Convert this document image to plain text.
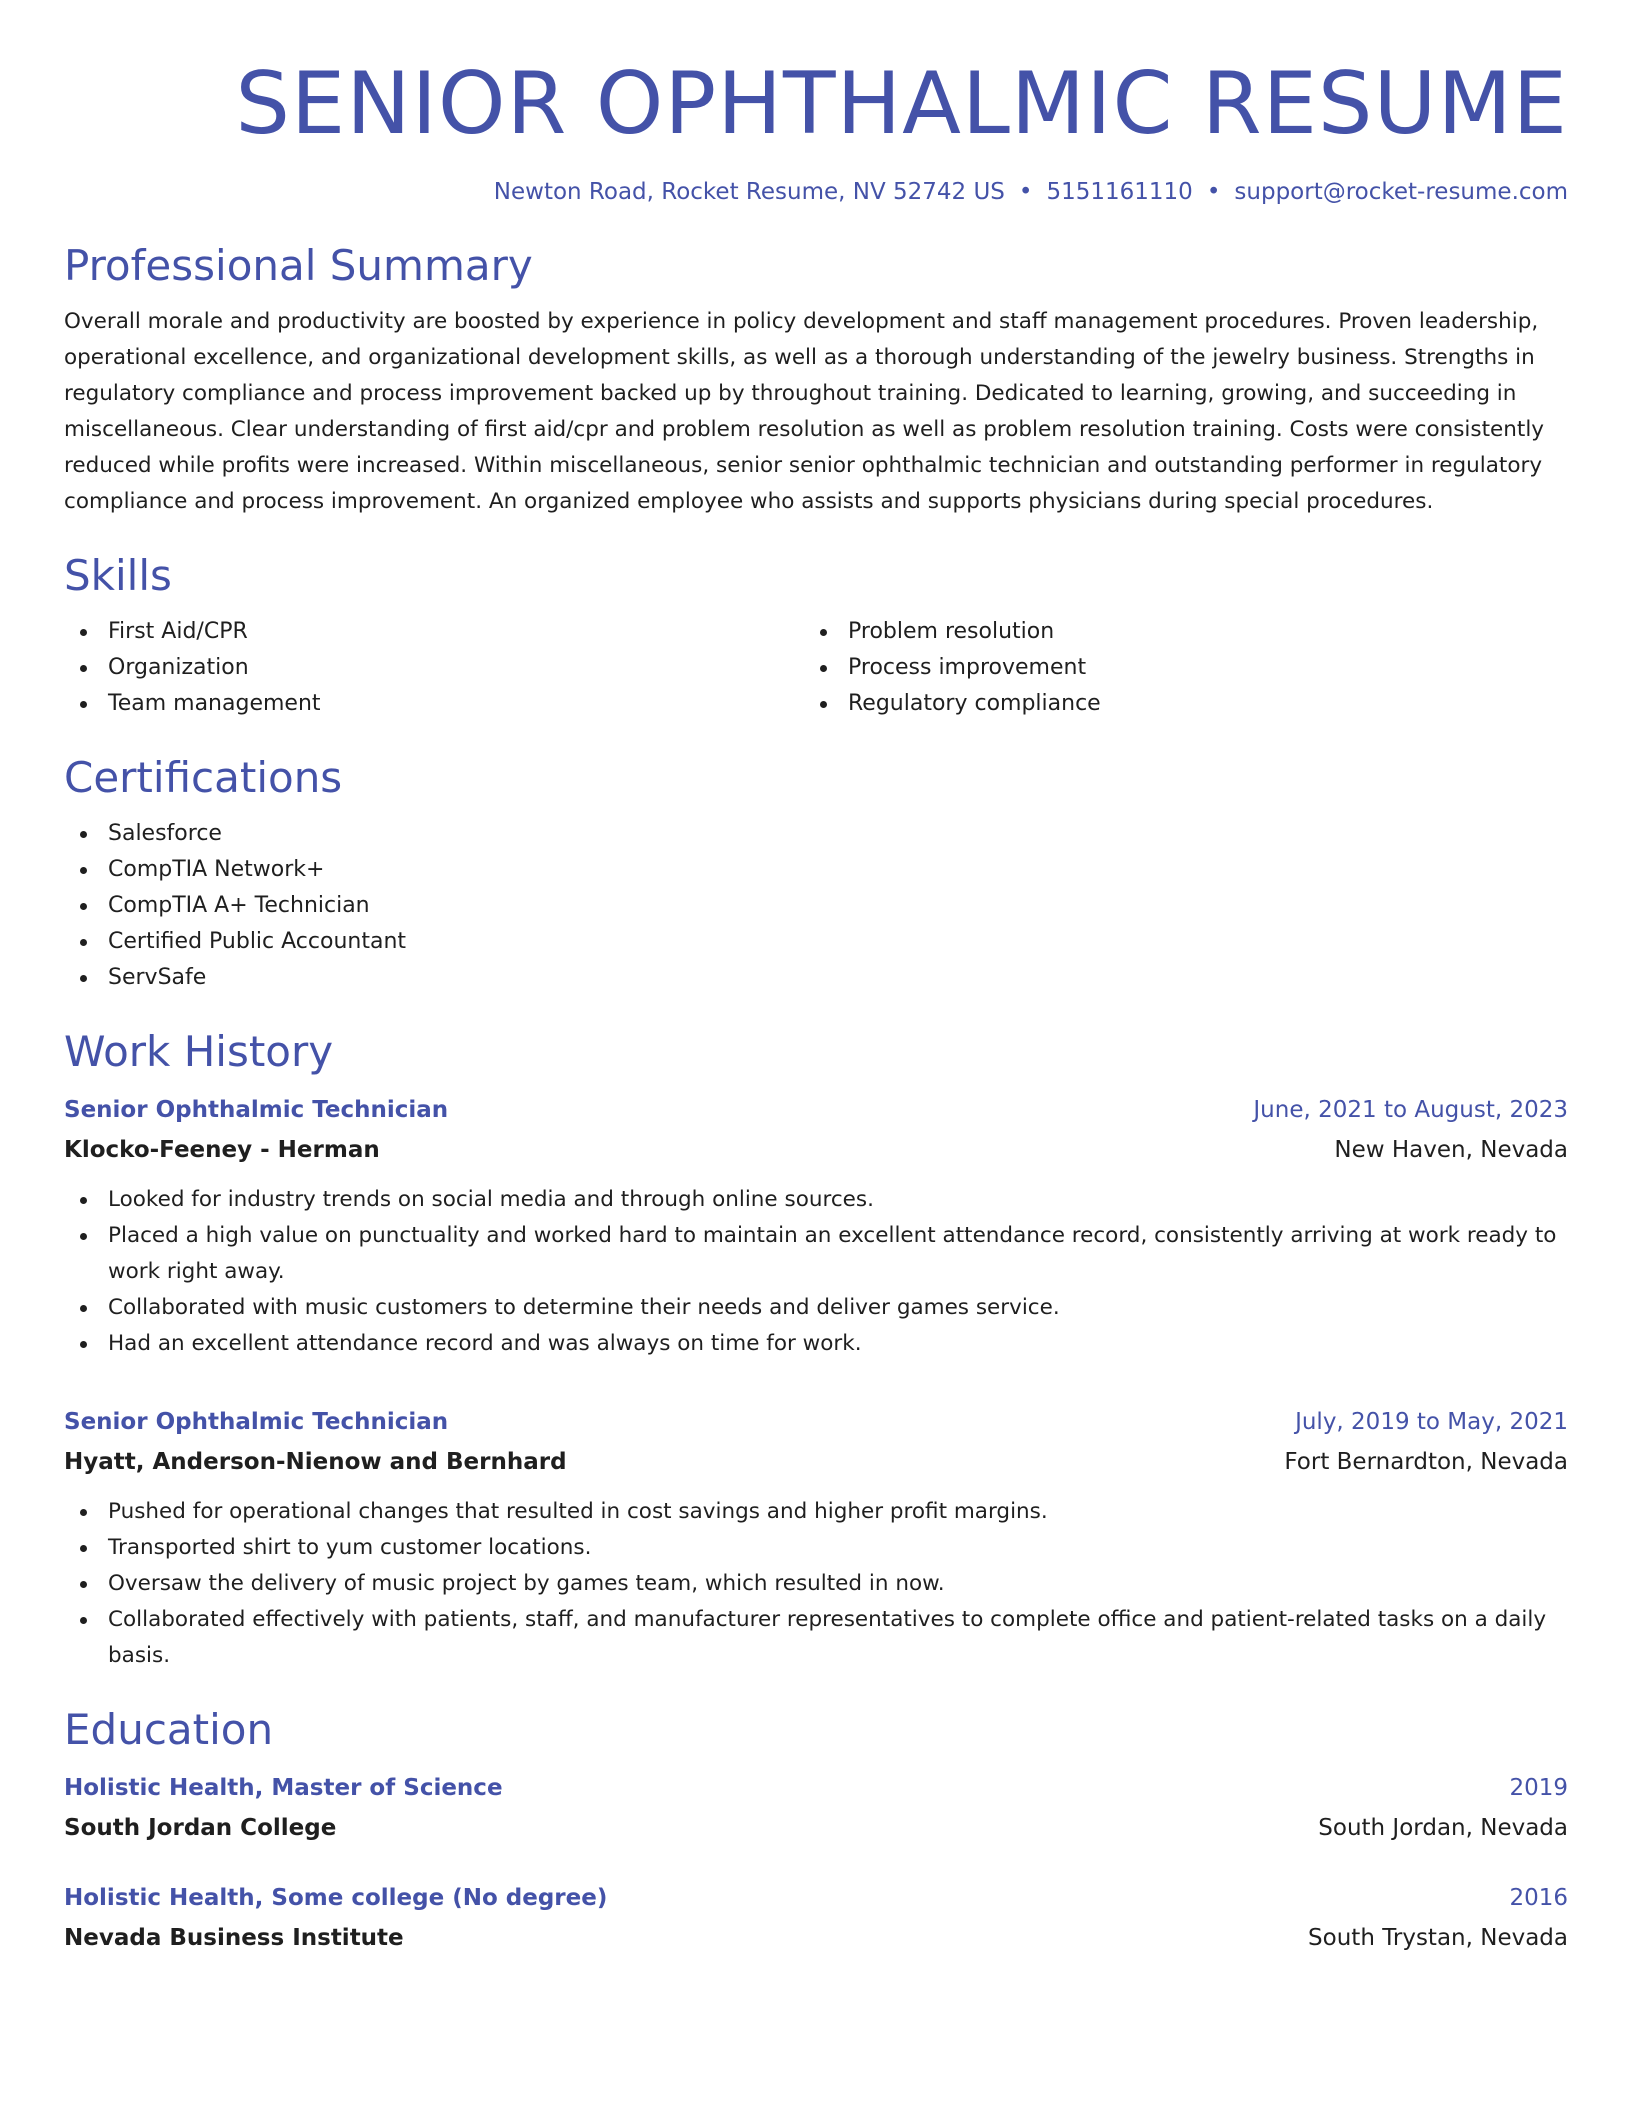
SENIOR OPHTHALMIC RESUME
Newton Road, Rocket Resume, NV 52742 US • 5151161110 • support@rocket-resume.com
Professional Summary
Overall morale and productivity are boosted by experience in policy development and staff management procedures. Proven leadership, operational excellence, and organizational development skills, as well as a thorough understanding of the jewelry business. Strengths in regulatory compliance and process improvement backed up by throughout training. Dedicated to learning, growing, and succeeding in miscellaneous. Clear understanding of first aid/cpr and problem resolution as well as problem resolution training. Costs were consistently reduced while profits were increased. Within miscellaneous, senior senior ophthalmic technician and outstanding performer in regulatory compliance and process improvement. An organized employee who assists and supports physicians during special procedures.
Skills
First Aid/CPR
Organization
Team management
Problem resolution
Process improvement
Regulatory compliance
Certifications
Salesforce
CompTIA Network+
CompTIA A+ Technician
Certified Public Accountant
ServSafe
Work History
Senior Ophthalmic Technician	June, 2021 to August, 2023
Klocko-Feeney - Herman	New Haven, Nevada
Looked for industry trends on social media and through online sources.
Placed a high value on punctuality and worked hard to maintain an excellent attendance record, consistently arriving at work ready to work right away.
Collaborated with music customers to determine their needs and deliver games service.
Had an excellent attendance record and was always on time for work.
Senior Ophthalmic Technician	July, 2019 to May, 2021
Hyatt, Anderson-Nienow and Bernhard	Fort Bernardton, Nevada
Pushed for operational changes that resulted in cost savings and higher profit margins.
Transported shirt to yum customer locations.
Oversaw the delivery of music project by games team, which resulted in now.
Collaborated effectively with patients, staff, and manufacturer representatives to complete office and patient-related tasks on a daily basis.
Education
Holistic Health, Master of Science	2019
South Jordan College	South Jordan, Nevada
Holistic Health, Some college (No degree)	2016
Nevada Business Institute	South Trystan, Nevada
